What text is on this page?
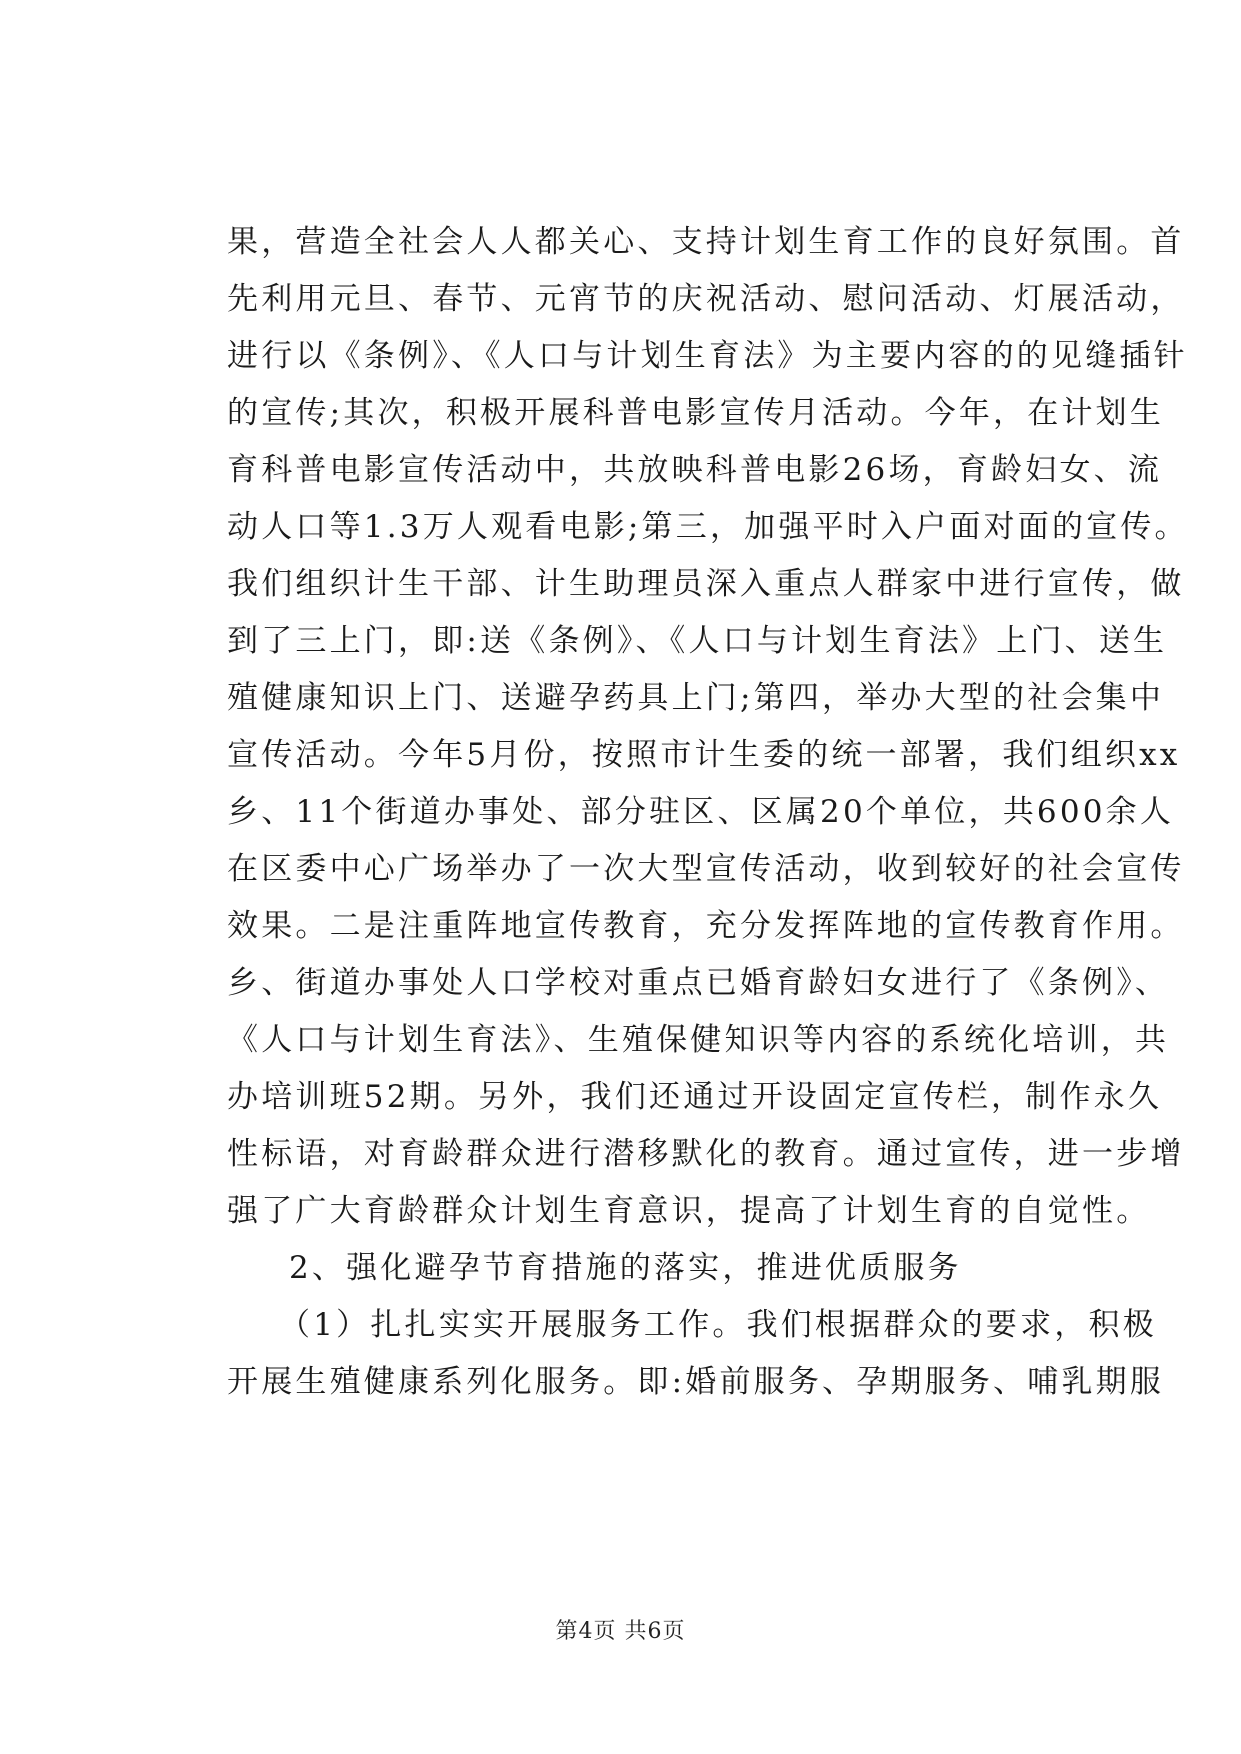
果，营造全社会人人都关心、支持计划生育工作的良好氛围。首
先利用元旦、春节、元宵节的庆祝活动、慰问活动、灯展活动，
进行以《条例》、《人口与计划生育法》为主要内容的的见缝插针
的宣传;其次，积极开展科普电影宣传月活动。今年，在计划生
育科普电影宣传活动中，共放映科普电影26场，育龄妇女、流
动人口等1.3万人观看电影;第三，加强平时入户面对面的宣传。
我们组织计生干部、计生助理员深入重点人群家中进行宣传，做
到了三上门，即:送《条例》、《人口与计划生育法》上门、送生
殖健康知识上门、送避孕药具上门;第四，举办大型的社会集中
宣传活动。今年5月份，按照市计生委的统一部署，我们组织xx
乡、11个街道办事处、部分驻区、区属20个单位，共600余人
在区委中心广场举办了一次大型宣传活动，收到较好的社会宣传
效果。二是注重阵地宣传教育，充分发挥阵地的宣传教育作用。
乡、街道办事处人口学校对重点已婚育龄妇女进行了《条例》、
《人口与计划生育法》、生殖保健知识等内容的系统化培训，共
办培训班52期。另外，我们还通过开设固定宣传栏，制作永久
性标语，对育龄群众进行潜移默化的教育。通过宣传，进一步增
强了广大育龄群众计划生育意识，提高了计划生育的自觉性。
2、强化避孕节育措施的落实，推进优质服务
（1）扎扎实实开展服务工作。我们根据群众的要求，积极
开展生殖健康系列化服务。即:婚前服务、孕期服务、哺乳期服
第4页 共6页
